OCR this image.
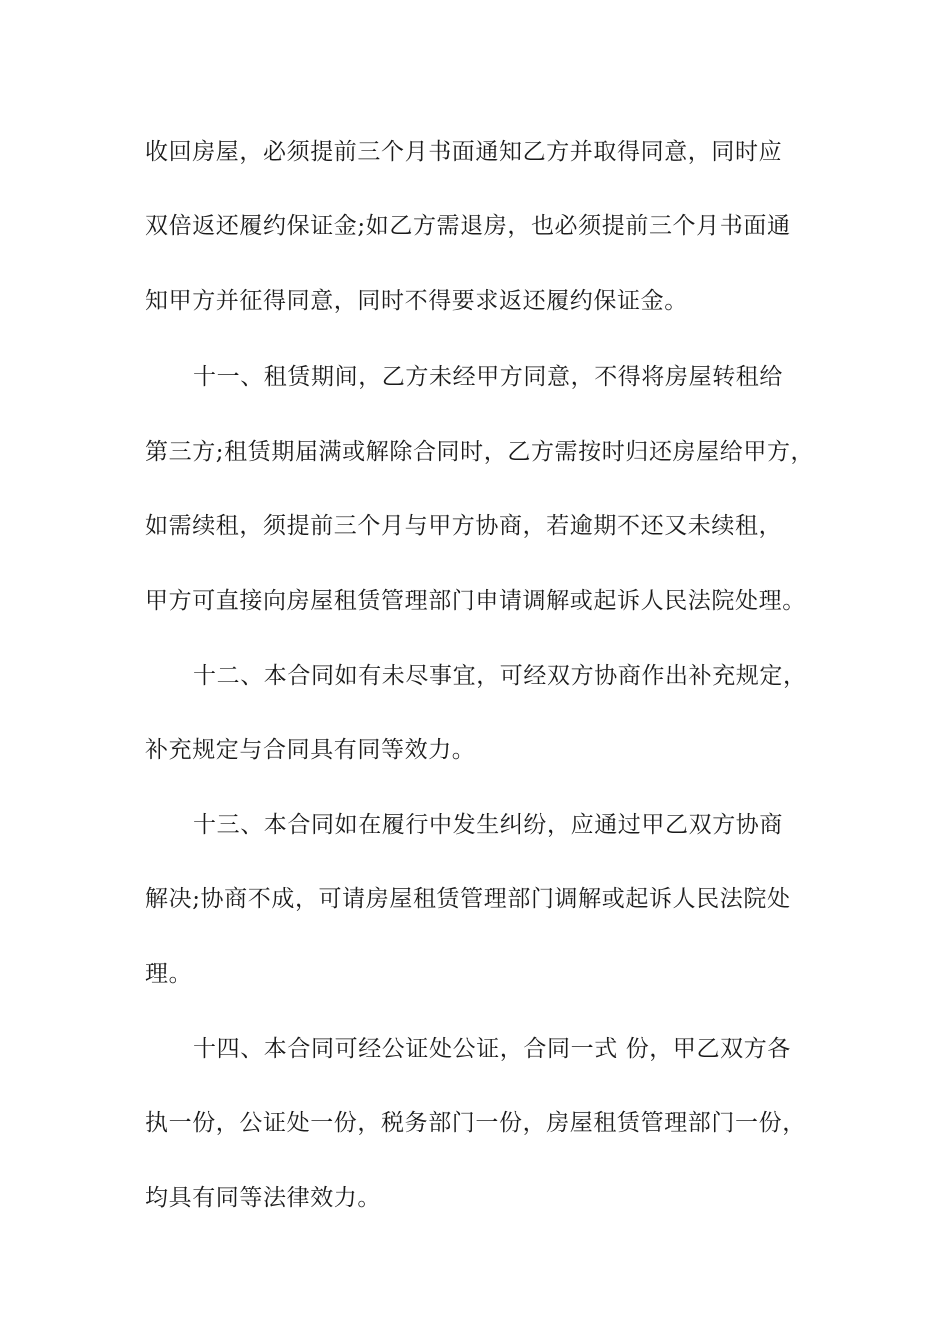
收回房屋，必须提前三个月书面通知乙方并取得同意，同时应
双倍返还履约保证金;如乙方需退房，也必须提前三个月书面通
知甲方并征得同意，同时不得要求返还履约保证金。
十一、租赁期间，乙方未经甲方同意，不得将房屋转租给
第三方;租赁期届满或解除合同时，乙方需按时归还房屋给甲方，
如需续租，须提前三个月与甲方协商，若逾期不还又未续租，
甲方可直接向房屋租赁管理部门申请调解或起诉人民法院处理。
十二、本合同如有未尽事宜，可经双方协商作出补充规定，
补充规定与合同具有同等效力。
十三、本合同如在履行中发生纠纷，应通过甲乙双方协商
解决;协商不成，可请房屋租赁管理部门调解或起诉人民法院处
理。
十四、本合同可经公证处公证，合同一式 份，甲乙双方各
执一份，公证处一份，税务部门一份，房屋租赁管理部门一份，
均具有同等法律效力。
